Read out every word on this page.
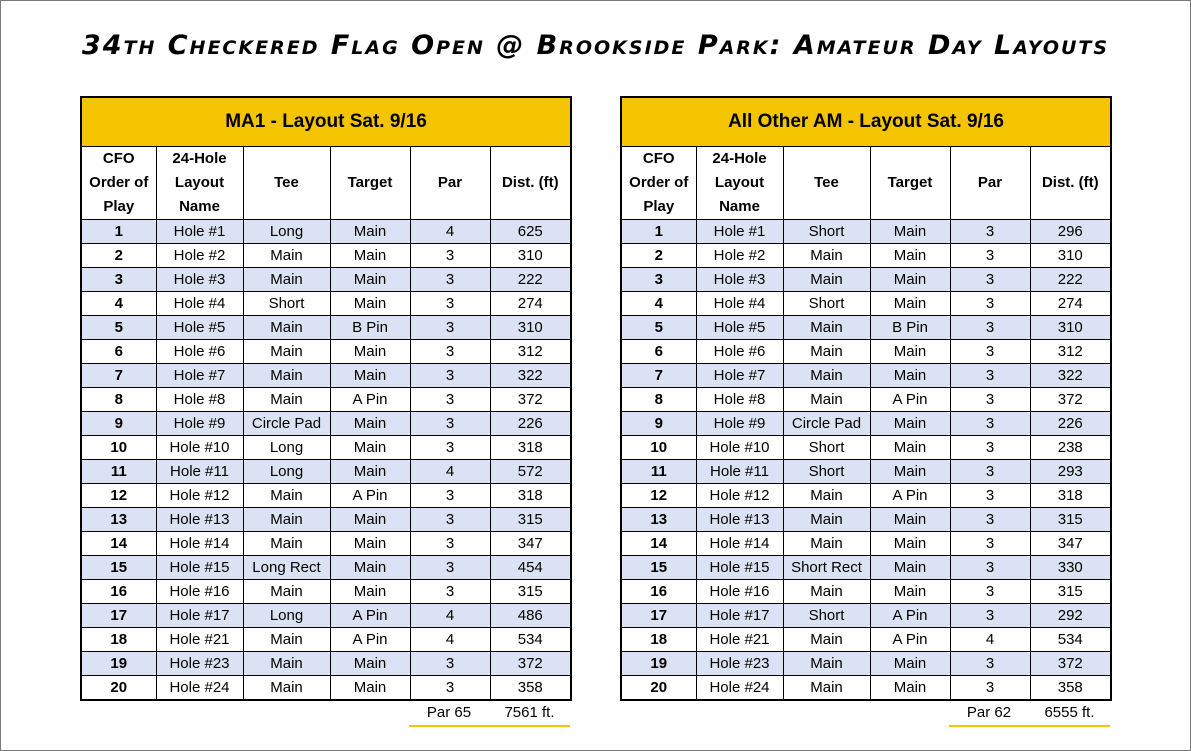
34th Checkered Flag Open @ Brookside Park: Amateur Day Layouts
MA1 - Layout Sat. 9/16					
CFO Order of Play	24-Hole Layout Name	Tee	Target	Par	Dist. (ft)
1	Hole #1	Long	Main	4	625
2	Hole #2	Main	Main	3	310
3	Hole #3	Main	Main	3	222
4	Hole #4	Short	Main	3	274
5	Hole #5	Main	B Pin	3	310
6	Hole #6	Main	Main	3	312
7	Hole #7	Main	Main	3	322
8	Hole #8	Main	A Pin	3	372
9	Hole #9	Circle Pad	Main	3	226
10	Hole #10	Long	Main	3	318
11	Hole #11	Long	Main	4	572
12	Hole #12	Main	A Pin	3	318
13	Hole #13	Main	Main	3	315
14	Hole #14	Main	Main	3	347
15	Hole #15	Long Rect	Main	3	454
16	Hole #16	Main	Main	3	315
17	Hole #17	Long	A Pin	4	486
18	Hole #21	Main	A Pin	4	534
19	Hole #23	Main	Main	3	372
20	Hole #24	Main	Main	3	358
Par 65	7561 ft.
All Other AM - Layout Sat. 9/16					
CFO Order of Play	24-Hole Layout Name	Tee	Target	Par	Dist. (ft)
1	Hole #1	Short	Main	3	296
2	Hole #2	Main	Main	3	310
3	Hole #3	Main	Main	3	222
4	Hole #4	Short	Main	3	274
5	Hole #5	Main	B Pin	3	310
6	Hole #6	Main	Main	3	312
7	Hole #7	Main	Main	3	322
8	Hole #8	Main	A Pin	3	372
9	Hole #9	Circle Pad	Main	3	226
10	Hole #10	Short	Main	3	238
11	Hole #11	Short	Main	3	293
12	Hole #12	Main	A Pin	3	318
13	Hole #13	Main	Main	3	315
14	Hole #14	Main	Main	3	347
15	Hole #15	Short Rect	Main	3	330
16	Hole #16	Main	Main	3	315
17	Hole #17	Short	A Pin	3	292
18	Hole #21	Main	A Pin	4	534
19	Hole #23	Main	Main	3	372
20	Hole #24	Main	Main	3	358
Par 62	6555 ft.
